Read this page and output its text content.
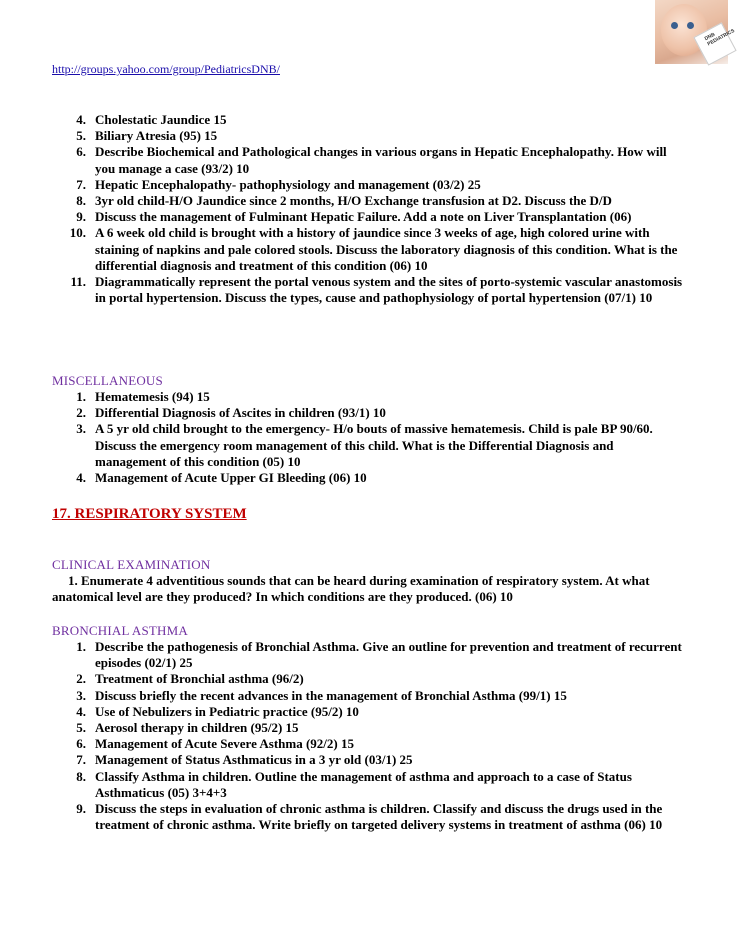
DNB PEDIATRICS
http://groups.yahoo.com/group/PediatricsDNB/
4. Cholestatic Jaundice 15
5. Biliary Atresia (95) 15
6. Describe Biochemical and Pathological changes in various organs in Hepatic Encephalopathy. How will you manage a case (93/2) 10
7. Hepatic Encephalopathy- pathophysiology and management (03/2) 25
8. 3yr old child-H/O Jaundice since 2 months, H/O Exchange transfusion at D2. Discuss the D/D
9. Discuss the management of Fulminant Hepatic Failure. Add a note on Liver Transplantation (06)
10. A 6 week old child is brought with a history of jaundice since 3 weeks of age, high colored urine with staining of napkins and pale colored stools. Discuss the laboratory diagnosis of this condition. What is the differential diagnosis and treatment of this condition (06) 10
11. Diagrammatically represent the portal venous system and the sites of porto-systemic vascular anastomosis in portal hypertension. Discuss the types, cause and pathophysiology of portal hypertension (07/1) 10
MISCELLANEOUS
1. Hematemesis (94) 15
2. Differential Diagnosis of Ascites in children (93/1) 10
3. A 5 yr old child brought to the emergency- H/o bouts of massive hematemesis. Child is pale BP 90/60. Discuss the emergency room management of this child. What is the Differential Diagnosis and management of this condition (05) 10
4. Management of Acute Upper GI Bleeding (06) 10
17. RESPIRATORY SYSTEM
CLINICAL EXAMINATION
1. Enumerate 4 adventitious sounds that can be heard during examination of respiratory system. At what anatomical level are they produced? In which conditions are they produced. (06) 10
BRONCHIAL ASTHMA
1. Describe the pathogenesis of Bronchial Asthma. Give an outline for prevention and treatment of recurrent episodes (02/1) 25
2. Treatment of Bronchial asthma (96/2)
3. Discuss briefly the recent advances in the management of Bronchial Asthma (99/1) 15
4. Use of Nebulizers in Pediatric practice (95/2) 10
5. Aerosol therapy in children (95/2) 15
6. Management of Acute Severe Asthma (92/2) 15
7. Management of Status Asthmaticus in a 3 yr old (03/1) 25
8. Classify Asthma in children. Outline the management of asthma and approach to a case of Status Asthmaticus (05) 3+4+3
9. Discuss the steps in evaluation of chronic asthma is children. Classify and discuss the drugs used in the treatment of chronic asthma. Write briefly on targeted delivery systems in treatment of asthma (06) 10
